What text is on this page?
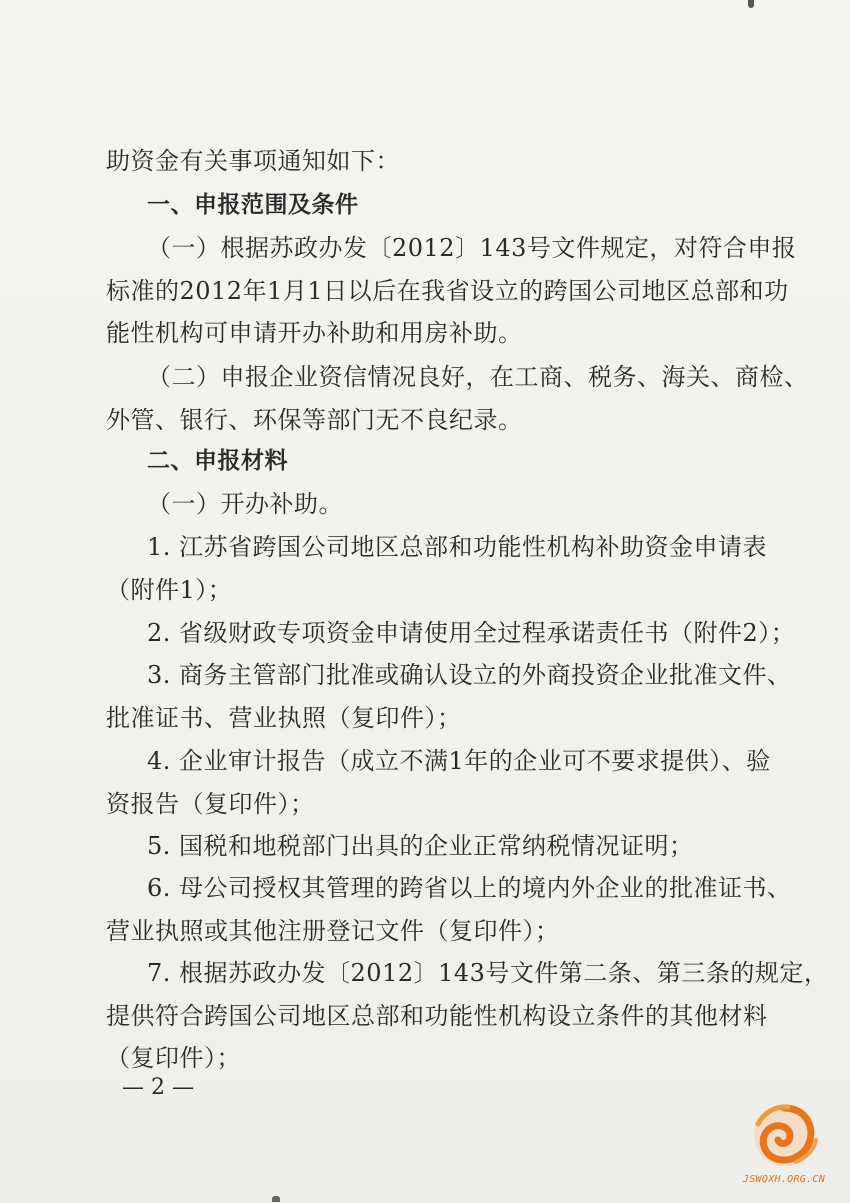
助资金有关事项通知如下：
一、申报范围及条件
（一）根据苏政办发〔2012〕143号文件规定，对符合申报
标准的2012年1月1日以后在我省设立的跨国公司地区总部和功
能性机构可申请开办补助和用房补助。
（二）申报企业资信情况良好，在工商、税务、海关、商检、
外管、银行、环保等部门无不良纪录。
二、申报材料
（一）开办补助。
1. 江苏省跨国公司地区总部和功能性机构补助资金申请表
（附件1）；
2. 省级财政专项资金申请使用全过程承诺责任书（附件2）；
3. 商务主管部门批准或确认设立的外商投资企业批准文件、
批准证书、营业执照（复印件）；
4. 企业审计报告（成立不满1年的企业可不要求提供）、验
资报告（复印件）；
5. 国税和地税部门出具的企业正常纳税情况证明；
6. 母公司授权其管理的跨省以上的境内外企业的批准证书、
营业执照或其他注册登记文件（复印件）；
7. 根据苏政办发〔2012〕143号文件第二条、第三条的规定，
提供符合跨国公司地区总部和功能性机构设立条件的其他材料
（复印件）；
— 2 —
JSWQXH.ORG.CN
